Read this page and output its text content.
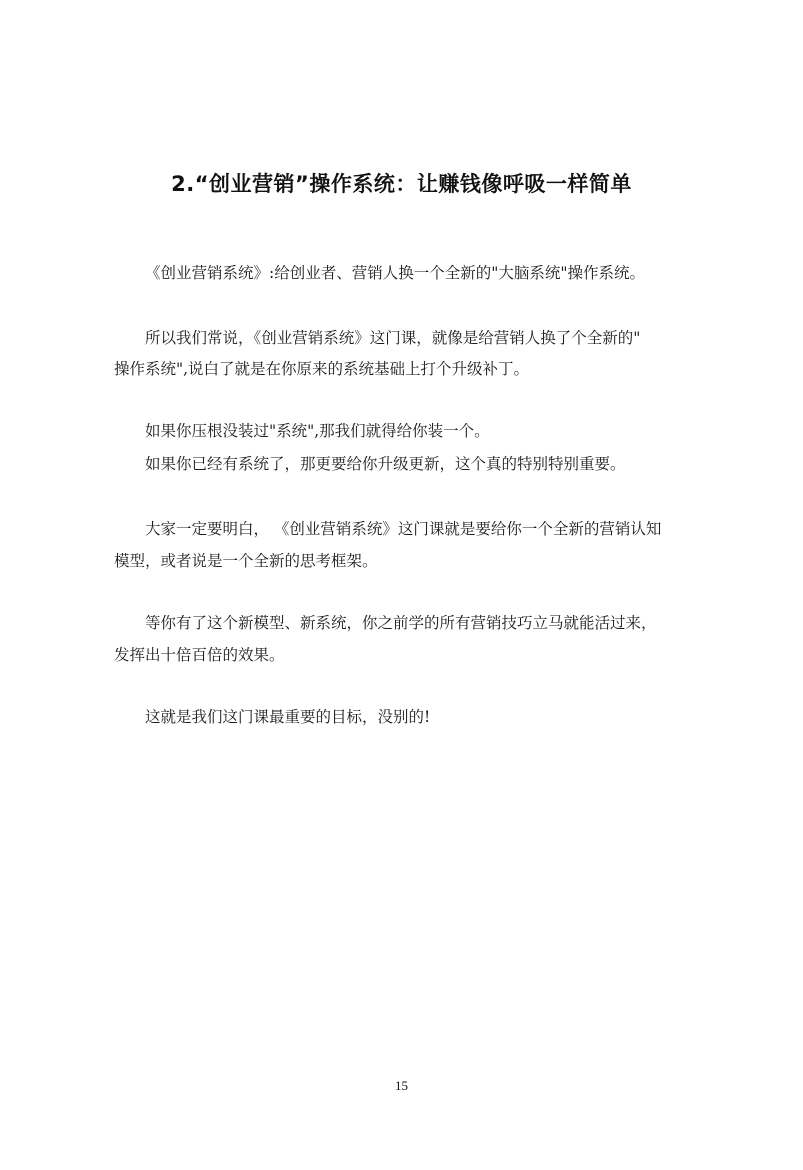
2.“创业营销”操作系统：让赚钱像呼吸一样简单
《创业营销系统》:给创业者、营销人换一个全新的"大脑系统"操作系统。
所以我们常说，《创业营销系统》这门课，就像是给营销人换了个全新的"
操作系统",说白了就是在你原来的系统基础上打个升级补丁。
如果你压根没装过"系统",那我们就得给你装一个。
如果你已经有系统了，那更要给你升级更新，这个真的特别特别重要。
大家一定要明白， 《创业营销系统》这门课就是要给你一个全新的营销认知
模型，或者说是一个全新的思考框架。
等你有了这个新模型、新系统，你之前学的所有营销技巧立马就能活过来，
发挥出十倍百倍的效果。
这就是我们这门课最重要的目标，没别的!
15
